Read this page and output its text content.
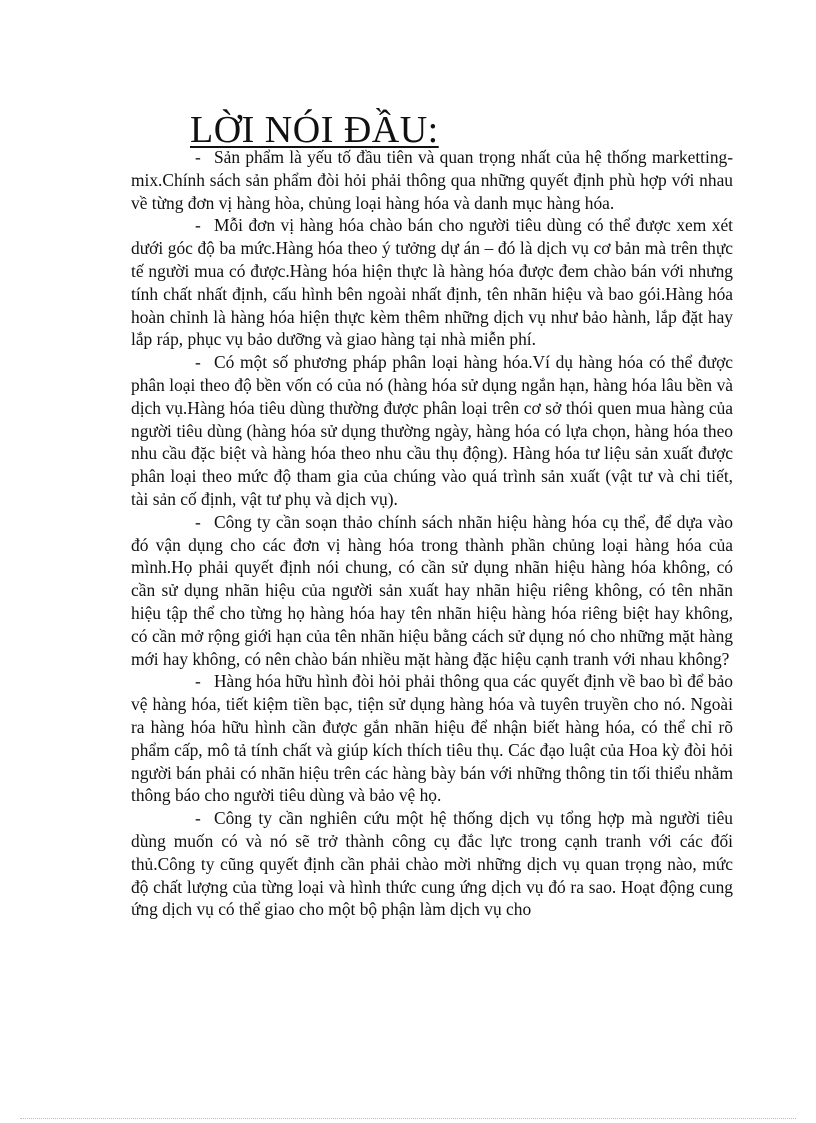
LỜI NÓI ĐẦU:

- Sản phẩm là yếu tố đầu tiên và quan trọng nhất của hệ thống marketting-mix.Chính sách sản phẩm đòi hỏi phải thông qua những quyết định phù hợp với nhau về từng đơn vị hàng hòa, chủng loại hàng hóa và danh mục hàng hóa.

- Mỗi đơn vị hàng hóa chào bán cho người tiêu dùng có thể được xem xét dưới góc độ ba mức.Hàng hóa theo ý tưởng dự án – đó là dịch vụ cơ bản mà trên thực tế người mua có được.Hàng hóa hiện thực là hàng hóa được đem chào bán với nhưng tính chất nhất định, cấu hình bên ngoài nhất định, tên nhãn hiệu và bao gói.Hàng hóa hoàn chỉnh là hàng hóa hiện thực kèm thêm những dịch vụ như bảo hành, lắp đặt hay lắp ráp, phục vụ bảo dưỡng và giao hàng tại nhà miễn phí.

- Có một số phương pháp phân loại hàng hóa.Ví dụ hàng hóa có thể được phân loại theo độ bền vốn có của nó (hàng hóa sử dụng ngắn hạn, hàng hóa lâu bền và dịch vụ.Hàng hóa tiêu dùng thường được phân loại trên cơ sở thói quen mua hàng của người tiêu dùng (hàng hóa sử dụng thường ngày, hàng hóa có lựa chọn, hàng hóa theo nhu cầu đặc biệt và hàng hóa theo nhu cầu thụ động). Hàng hóa tư liệu sản xuất được phân loại theo mức độ tham gia của chúng vào quá trình sản xuất (vật tư và chi tiết, tài sản cố định, vật tư phụ và dịch vụ).

- Công ty cần soạn thảo chính sách nhãn hiệu hàng hóa cụ thể, để dựa vào đó vận dụng cho các đơn vị hàng hóa trong thành phần chủng loại hàng hóa của mình.Họ phải quyết định nói chung, có cần sử dụng nhãn hiệu hàng hóa không, có cần sử dụng nhãn hiệu của người sản xuất hay nhãn hiệu riêng không, có tên nhãn hiệu tập thể cho từng họ hàng hóa hay tên nhãn hiệu hàng hóa riêng biệt hay không, có cần mở rộng giới hạn của tên nhãn hiệu bằng cách sử dụng nó cho những mặt hàng mới hay không, có nên chào bán nhiều mặt hàng đặc hiệu cạnh tranh với nhau không?

- Hàng hóa hữu hình đòi hỏi phải thông qua các quyết định về bao bì để bảo vệ hàng hóa, tiết kiệm tiền bạc, tiện sử dụng hàng hóa và tuyên truyền cho nó. Ngoài ra hàng hóa hữu hình cần được gắn nhãn hiệu để nhận biết hàng hóa, có thể chỉ rõ phẩm cấp, mô tả tính chất và giúp kích thích tiêu thụ. Các đạo luật của Hoa kỳ đòi hỏi người bán phải có nhãn hiệu trên các hàng bày bán với những thông tin tối thiểu nhằm thông báo cho người tiêu dùng và bảo vệ họ.

- Công ty cần nghiên cứu một hệ thống dịch vụ tổng hợp mà người tiêu dùng muốn có và nó sẽ trở thành công cụ đắc lực trong cạnh tranh với các đối thủ.Công ty cũng quyết định cần phải chào mời những dịch vụ quan trọng nào, mức độ chất lượng của từng loại và hình thức cung ứng dịch vụ đó ra sao. Hoạt động cung ứng dịch vụ có thể giao cho một bộ phận làm dịch vụ cho
